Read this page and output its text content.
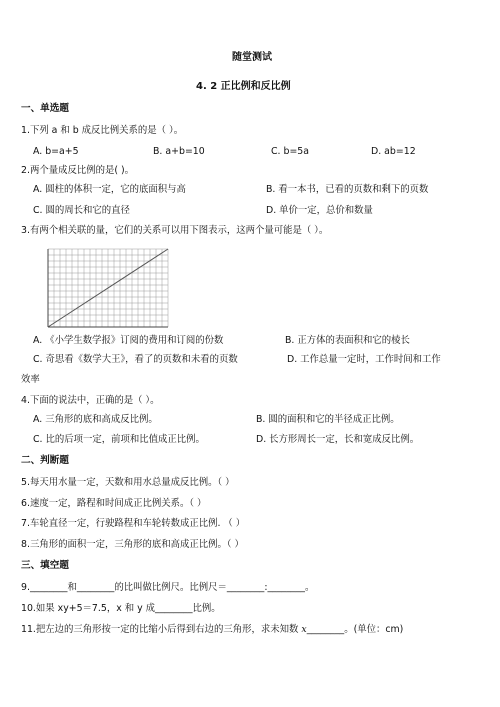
随堂测试
4. 2 正比例和反比例
一、单选题
1.下列 a 和 b 成反比例关系的是（ ）。
A. b=a+5	B. a+b=10	C. b=5a	D. ab=12
2.两个量成反比例的是( )。
A. 圆柱的体积一定，它的底面积与高	B. 看一本书，已看的页数和剩下的页数
C. 圆的周长和它的直径	D. 单价一定，总价和数量
3.有两个相关联的量，它们的关系可以用下图表示，这两个量可能是（ ）。
A. 《小学生数学报》订阅的费用和订阅的份数	B. 正方体的表面积和它的棱长
C. 奇思看《数学大王》，看了的页数和未看的页数	D. 工作总量一定时，工作时间和工作
效率
4.下面的说法中，正确的是（ ）。
A. 三角形的底和高成反比例。	B. 圆的面积和它的半径成正比例。
C. 比的后项一定，前项和比值成正比例。	D. 长方形周长一定，长和宽成反比例。
二、判断题
5.每天用水量一定，天数和用水总量成反比例。（ ）
6.速度一定，路程和时间成正比例关系。（ ）
7.车轮直径一定，行驶路程和车轮转数成正比例. （ ）
8.三角形的面积一定，三角形的底和高成正比例。（ ）
三、填空题
9.________和________的比叫做比例尺。比例尺＝________:________。
10.如果 xy+5＝7.5，x 和 y 成________比例。
11.把左边的三角形按一定的比缩小后得到右边的三角形，求未知数 x________。(单位：cm)
